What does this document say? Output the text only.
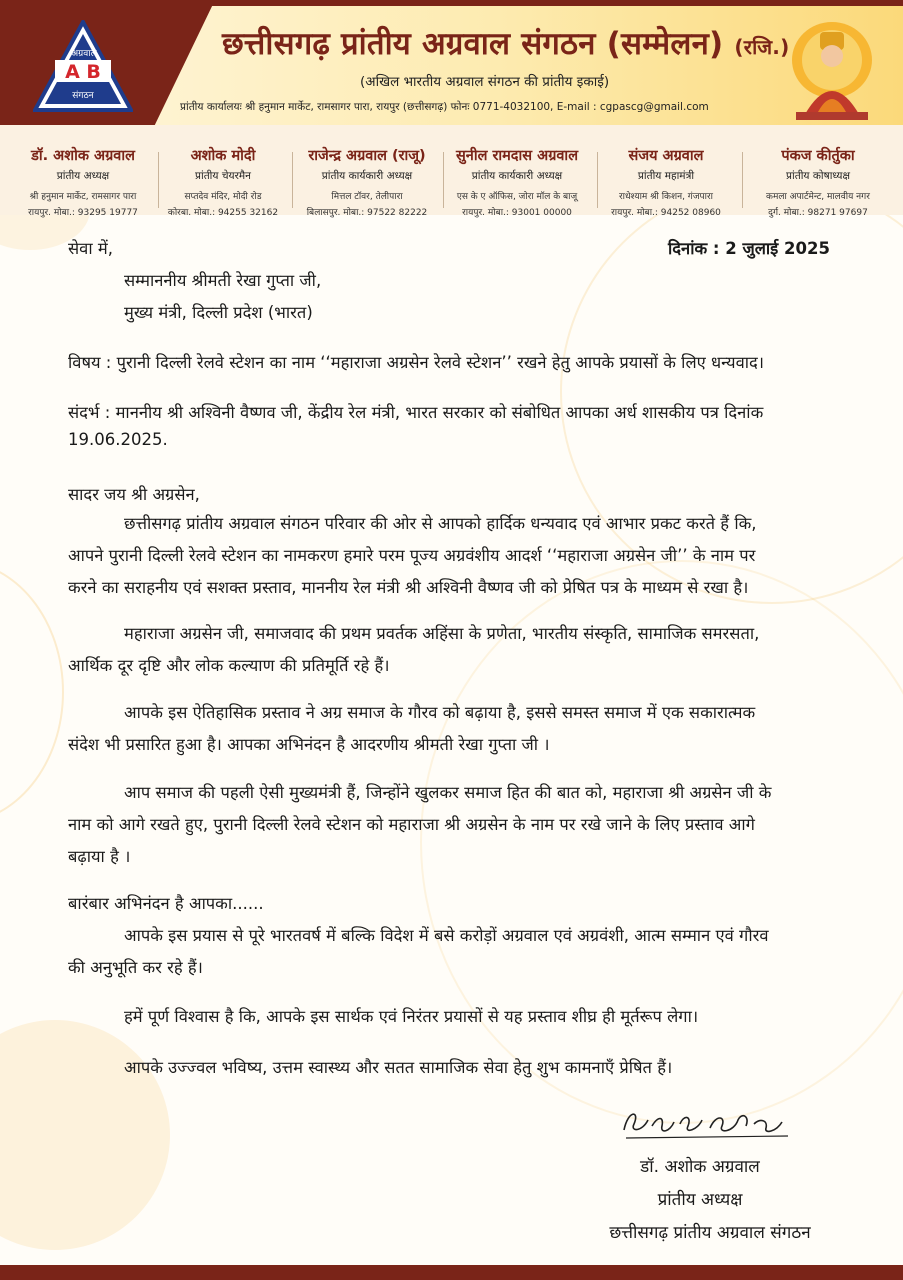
अग्रवाल
A B
संगठन
छत्तीसगढ़ प्रांतीय अग्रवाल संगठन (सम्मेलन) (रजि.)
(अखिल भारतीय अग्रवाल संगठन की प्रांतीय इकाई)
प्रांतीय कार्यालयः श्री हनुमान मार्केट, रामसागर पारा, रायपुर (छत्तीसगढ़) फोनः 0771-4032100, E-mail : cgpascg@gmail.com
डॉ. अशोक अग्रवाल
प्रांतीय अध्यक्ष
श्री हनुमान मार्केट, रामसागर पारा
रायपुर. मोबा.: 93295 19777
अशोक मोदी
प्रांतीय चेयरमैन
सप्तदेव मंदिर, मोदी रोड
कोरबा. मोबा.: 94255 32162
राजेन्द्र अग्रवाल (राजू)
प्रांतीय कार्यकारी अध्यक्ष
मित्तल टॉवर, तेलीपारा
बिलासपुर. मोबा.: 97522 82222
सुनील रामदास अग्रवाल
प्रांतीय कार्यकारी अध्यक्ष
एस के ए ऑफिस, जोरा मॉल के बाजू
रायपुर. मोबा.: 93001 00000
संजय अग्रवाल
प्रांतीय महामंत्री
राधेश्याम श्री किशन, गंजपारा
रायपुर. मोबा.: 94252 08960
पंकज कीर्तुका
प्रांतीय कोषाध्यक्ष
कमला अपार्टमेन्ट, मालवीय नगर
दुर्ग. मोबा.: 98271 97697
सेवा में,	दिनांक : 2 जुलाई 2025
सम्माननीय श्रीमती रेखा गुप्ता जी,
मुख्य मंत्री, दिल्ली प्रदेश (भारत)
विषय : पुरानी दिल्ली रेलवे स्टेशन का नाम ‘‘महाराजा अग्रसेन रेलवे स्टेशन’’ रखने हेतु आपके प्रयासों के लिए धन्यवाद।
संदर्भ : माननीय श्री अश्विनी वैष्णव जी, केंद्रीय रेल मंत्री, भारत सरकार को संबोधित आपका अर्ध शासकीय पत्र दिनांक
19.06.2025.
सादर जय श्री अग्रसेन,
छत्तीसगढ़ प्रांतीय अग्रवाल संगठन परिवार की ओर से आपको हार्दिक धन्यवाद एवं आभार प्रकट करते हैं कि,
आपने पुरानी दिल्ली रेलवे स्टेशन का नामकरण हमारे परम पूज्य अग्रवंशीय आदर्श ‘‘महाराजा अग्रसेन जी’’ के नाम पर
करने का सराहनीय एवं सशक्त प्रस्ताव, माननीय रेल मंत्री श्री अश्विनी वैष्णव जी को प्रेषित पत्र के माध्यम से रखा है।
महाराजा अग्रसेन जी, समाजवाद की प्रथम प्रवर्तक अहिंसा के प्रणेता, भारतीय संस्कृति, सामाजिक समरसता,
आर्थिक दूर दृष्टि और लोक कल्याण की प्रतिमूर्ति रहे हैं।
आपके इस ऐतिहासिक प्रस्ताव ने अग्र समाज के गौरव को बढ़ाया है, इससे समस्त समाज में एक सकारात्मक
संदेश भी प्रसारित हुआ है। आपका अभिनंदन है आदरणीय श्रीमती रेखा गुप्ता जी ।
आप समाज की पहली ऐसी मुख्यमंत्री हैं, जिन्होंने खुलकर समाज हित की बात को, महाराजा श्री अग्रसेन जी के
नाम को आगे रखते हुए, पुरानी दिल्ली रेलवे स्टेशन को महाराजा श्री अग्रसेन के नाम पर रखे जाने के लिए प्रस्ताव आगे
बढ़ाया है ।
बारंबार अभिनंदन है आपका......
आपके इस प्रयास से पूरे भारतवर्ष में बल्कि विदेश में बसे करोड़ों अग्रवाल एवं अग्रवंशी, आत्म सम्मान एवं गौरव
की अनुभूति कर रहे हैं।
हमें पूर्ण विश्वास है कि, आपके इस सार्थक एवं निरंतर प्रयासों से यह प्रस्ताव शीघ्र ही मूर्तरूप लेगा।
आपके उज्ज्वल भविष्य, उत्तम स्वास्थ्य और सतत सामाजिक सेवा हेतु शुभ कामनाएँ प्रेषित हैं।
डॉ. अशोक अग्रवाल
प्रांतीय अध्यक्ष
छत्तीसगढ़ प्रांतीय अग्रवाल संगठन
